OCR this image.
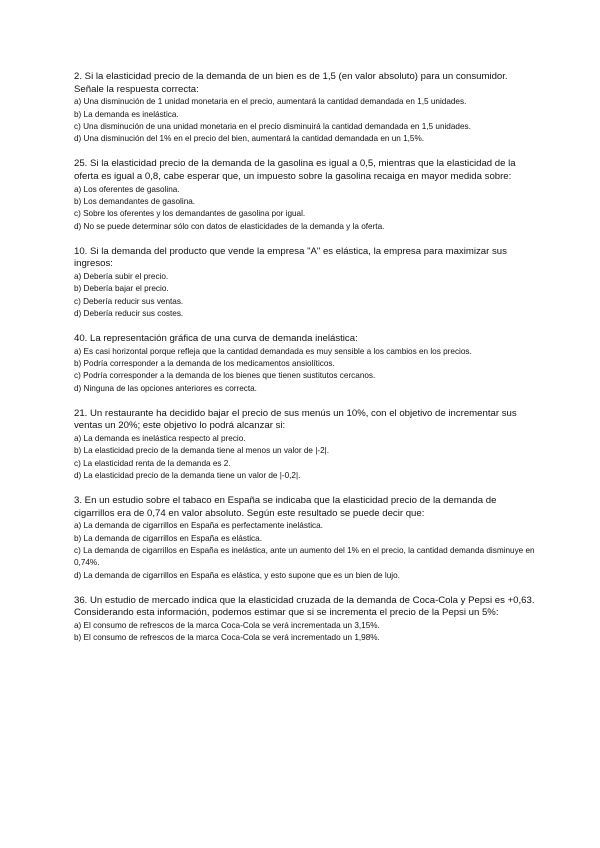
2. Si la elasticidad precio de la demanda de un bien es de 1,5 (en valor absoluto) para un consumidor. Señale la respuesta correcta:

a) Una disminución de 1 unidad monetaria en el precio, aumentará la cantidad demandada en 1,5 unidades.

b) La demanda es inelástica.

c) Una disminución de una unidad monetaria en el precio disminuirá la cantidad demandada en 1,5 unidades.

d) Una disminución del 1% en el precio del bien, aumentará la cantidad demandada en un 1,5%.

25. Si la elasticidad precio de la demanda de la gasolina es igual a 0,5, mientras que la elasticidad de la oferta es igual a 0,8, cabe esperar que, un impuesto sobre la gasolina recaiga en mayor medida sobre:

a) Los oferentes de gasolina.

b) Los demandantes de gasolina.

c) Sobre los oferentes y los demandantes de gasolina por igual.

d) No se puede determinar sólo con datos de elasticidades de la demanda y la oferta.

10. Si la demanda del producto que vende la empresa "A" es elástica, la empresa para maximizar sus ingresos:

a) Debería subir el precio.

b) Debería bajar el precio.

c) Debería reducir sus ventas.

d) Debería reducir sus costes.

40. La representación gráfica de una curva de demanda inelástica:

a) Es casi horizontal porque refleja que la cantidad demandada es muy sensible a los cambios en los precios.

b) Podría corresponder a la demanda de los medicamentos ansiolíticos.

c) Podría corresponder a la demanda de los bienes que tienen sustitutos cercanos.

d) Ninguna de las opciones anteriores es correcta.

21. Un restaurante ha decidido bajar el precio de sus menús un 10%, con el objetivo de incrementar sus ventas un 20%; este objetivo lo podrá alcanzar si:

a) La demanda es inelástica respecto al precio.

b) La elasticidad precio de la demanda tiene al menos un valor de |-2|.

c) La elasticidad renta de la demanda es 2.

d) La elasticidad precio de la demanda tiene un valor de |-0,2|.

3. En un estudio sobre el tabaco en España se indicaba que la elasticidad precio de la demanda de cigarrillos era de 0,74 en valor absoluto. Según este resultado se puede decir que:

a) La demanda de cigarrillos en España es perfectamente inelástica.

b) La demanda de cigarrillos en España es elástica.

c) La demanda de cigarrillos en España es inelástica, ante un aumento del 1% en el precio, la cantidad demanda disminuye en 0,74%.

d) La demanda de cigarrillos en España es elástica, y esto supone que es un bien de lujo.

36. Un estudio de mercado indica que la elasticidad cruzada de la demanda de Coca-Cola y Pepsi es +0,63. Considerando esta información, podemos estimar que si se incrementa el precio de la Pepsi un 5%:

a) El consumo de refrescos de la marca Coca-Cola se verá incrementada un 3,15%.

b) El consumo de refrescos de la marca Coca-Cola se verá incrementado un 1,98%.
